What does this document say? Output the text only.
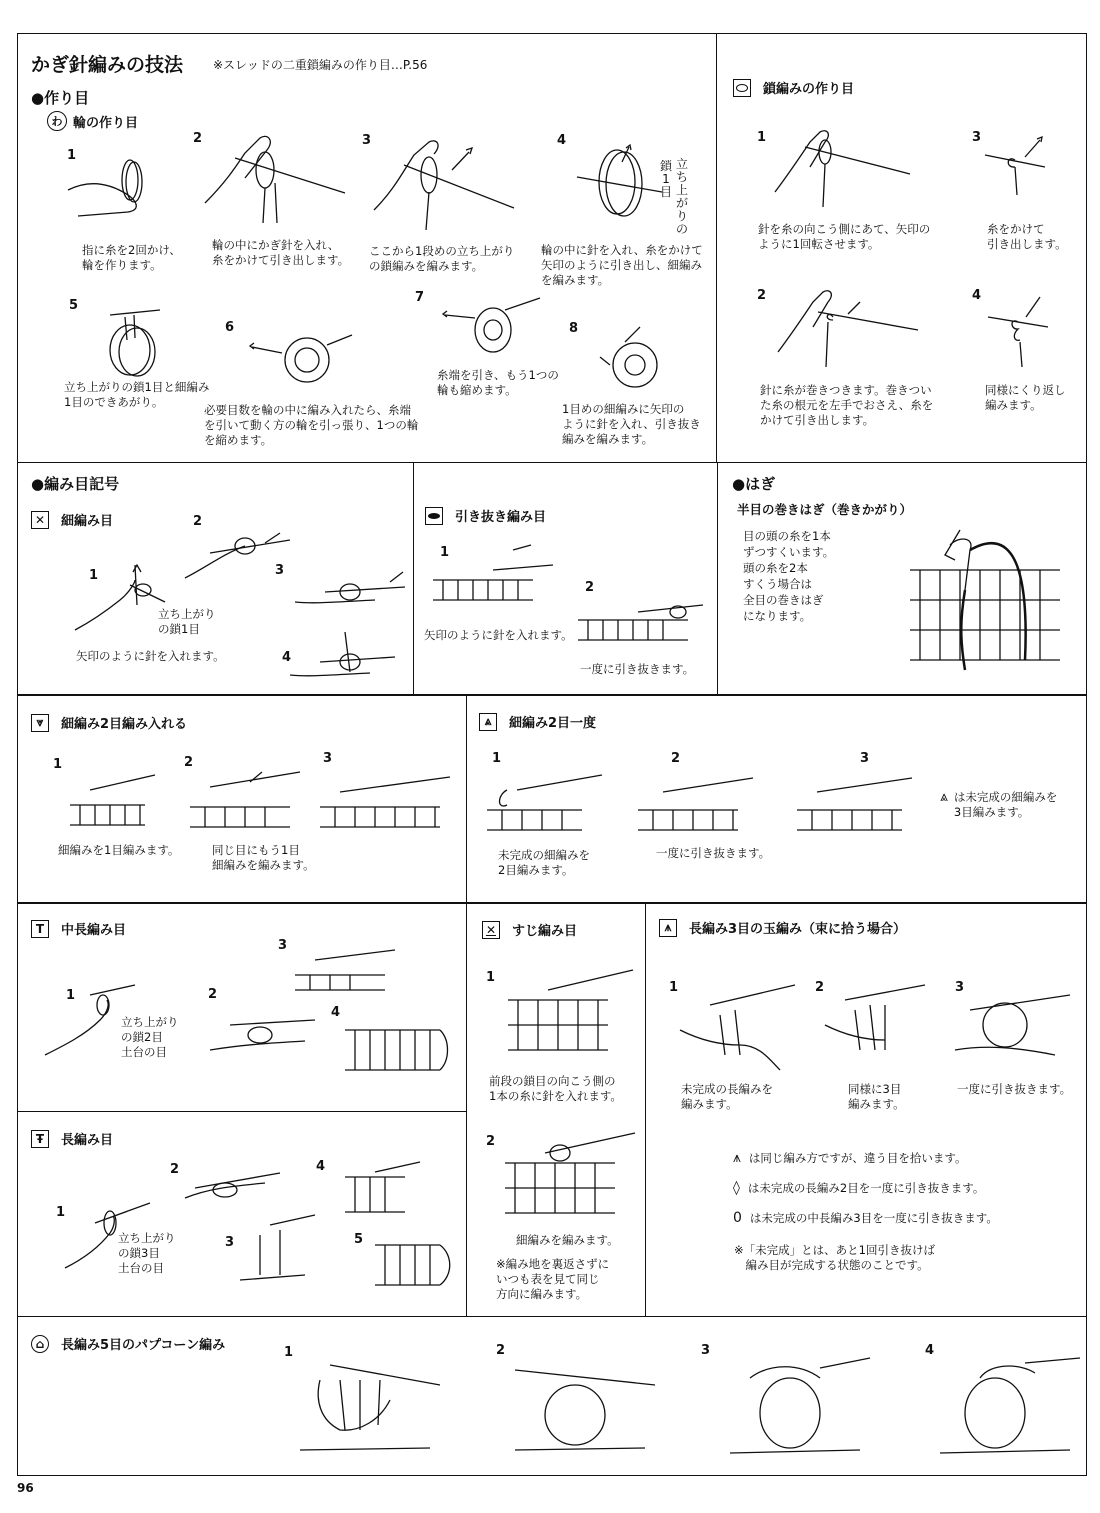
かぎ針編みの技法 ※スレッドの二重鎖編みの作り目…P.56
●作り目
わ 輪の作り目
1
2	3	4
5
6
7
8
指に糸を2回かけ、
輪を作ります。
輪の中にかぎ針を入れ、
糸をかけて引き出します。
ここから1段めの立ち上がり
の鎖編みを編みます。
輪の中に針を入れ、糸をかけて
矢印のように引き出し、細編み
を編みます。
立ち上がりの鎖1目と細編み
1目のできあがり。
必要目数を輪の中に編み入れたら、糸端
を引いて動く方の輪を引っ張り、1つの輪
を縮めます。
糸端を引き、もう1つの
輪も縮めます。
1目めの細編みに矢印の
ように針を入れ、引き抜き
編みを編みます。
鎖1目
立ち上がりの
鎖編みの作り目
1	3
2	4
針を糸の向こう側にあて、矢印の
ように1回転させます。
糸をかけて
引き出します。
針に糸が巻きつきます。巻きつい
た糸の根元を左手でおさえ、糸を
かけて引き出します。
同様にくり返し
編みます。
●編み目記号
✕	細編み目
1
2
3
4
立ち上がり
の鎖1目
矢印のように針を入れます。
引き抜き編み目
1
2
矢印のように針を入れます。
一度に引き抜きます。
●はぎ
半目の巻きはぎ（巻きかがり）
目の頭の糸を1本
ずつすくいます。
頭の糸を2本
すくう場合は
全目の巻きはぎ
になります。
⩔	細編み2目編み入れる
1	2	3
細編みを1目編みます。	同じ目にもう1目
細編みを編みます。
⩓	細編み2目一度
1	2	3
未完成の細編みを
2目編みます。
一度に引き抜きます。
⩓ は未完成の細編みを
3目編みます。
T	中長編み目
1	2
3
4
立ち上がり
の鎖2目
土台の目
Ŧ	長編み目
1
2
3
4
5
立ち上がり
の鎖3目
土台の目
✕	すじ編み目
1
2
前段の鎖目の向こう側の
1本の糸に針を入れます。
細編みを編みます。
※編み地を裏返さずに
いつも表を見て同じ
方向に編みます。
⩚	長編み3目の玉編み（束に拾う場合）
1	2	3
未完成の長編みを
編みます。
同様に3目
編みます。
一度に引き抜きます。
⩚ は同じ編み方ですが、違う目を拾います。
◊ は未完成の長編み2目を一度に引き抜きます。
0 は未完成の中長編み3目を一度に引き抜きます。
※「未完成」とは、あと1回引き抜けば
　編み目が完成する状態のことです。
⌂	長編み5目のパプコーン編み	1	2	3	4
96
